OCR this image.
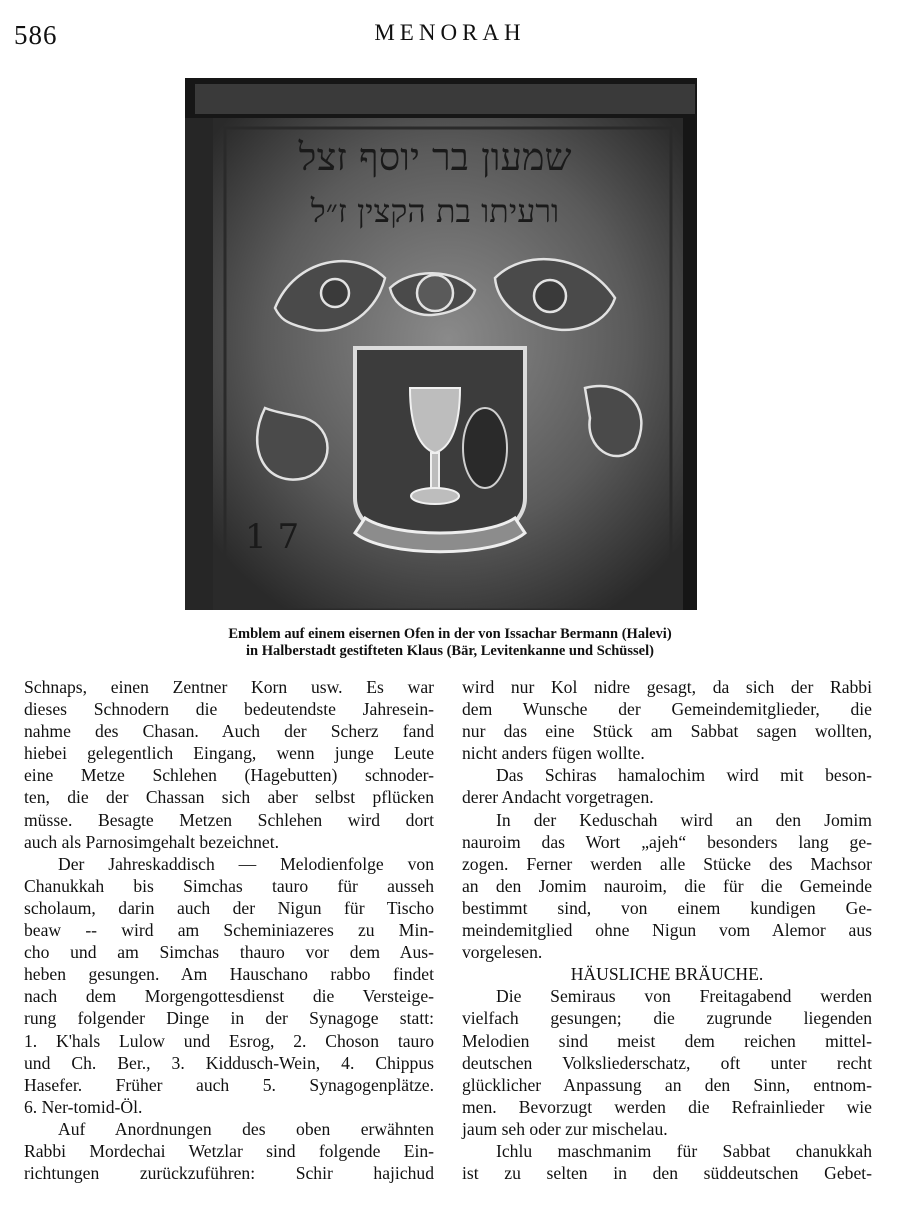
586	MENORAH
שמעון בר יוסף זצל
ורעיתו בת הקצין ז״ל
1 7
Emblem auf einem eisernen Ofen in der von Issachar Bermann (Halevi)
in Halberstadt gestifteten Klaus (Bär, Levitenkanne und Schüssel)
Schnaps, einen Zentner Korn usw. Es war
dieses Schnodern die bedeutendste Jahresein-
nahme des Chasan. Auch der Scherz fand
hiebei gelegentlich Eingang, wenn junge Leute
eine Metze Schlehen (Hagebutten) schnoder-
ten, die der Chassan sich aber selbst pflücken
müsse. Besagte Metzen Schlehen wird dort
auch als Parnosimgehalt bezeichnet.
Der Jahreskaddisch — Melodienfolge von
Chanukkah bis Simchas tauro für ausseh
scholaum, darin auch der Nigun für Tischo
beaw -- wird am Scheminiazeres zu Min-
cho und am Simchas thauro vor dem Aus-
heben gesungen. Am Hauschano rabbo findet
nach dem Morgengottesdienst die Versteige-
rung folgender Dinge in der Synagoge statt:
1. K'hals Lulow und Esrog, 2. Choson tauro
und Ch. Ber., 3. Kiddusch-Wein, 4. Chippus
Hasefer. Früher auch 5. Synagogenplätze.
6. Ner-tomid-Öl.
Auf Anordnungen des oben erwähnten
Rabbi Mordechai Wetzlar sind folgende Ein-
richtungen zurückzuführen: Schir hajichud
wird nur Kol nidre gesagt, da sich der Rabbi
dem Wunsche der Gemeindemitglieder, die
nur das eine Stück am Sabbat sagen wollten,
nicht anders fügen wollte.
Das Schiras hamalochim wird mit beson-
derer Andacht vorgetragen.
In der Keduschah wird an den Jomim
nauroim das Wort „ajeh“ besonders lang ge-
zogen. Ferner werden alle Stücke des Machsor
an den Jomim nauroim, die für die Gemeinde
bestimmt sind, von einem kundigen Ge-
meindemitglied ohne Nigun vom Alemor aus
vorgelesen.
HÄUSLICHE BRÄUCHE.
Die Semiraus von Freitagabend werden
vielfach gesungen; die zugrunde liegenden
Melodien sind meist dem reichen mittel-
deutschen Volksliederschatz, oft unter recht
glücklicher Anpassung an den Sinn, entnom-
men. Bevorzugt werden die Refrainlieder wie
jaum seh oder zur mischelau.
Ichlu maschmanim für Sabbat chanukkah
ist zu selten in den süddeutschen Gebet-
